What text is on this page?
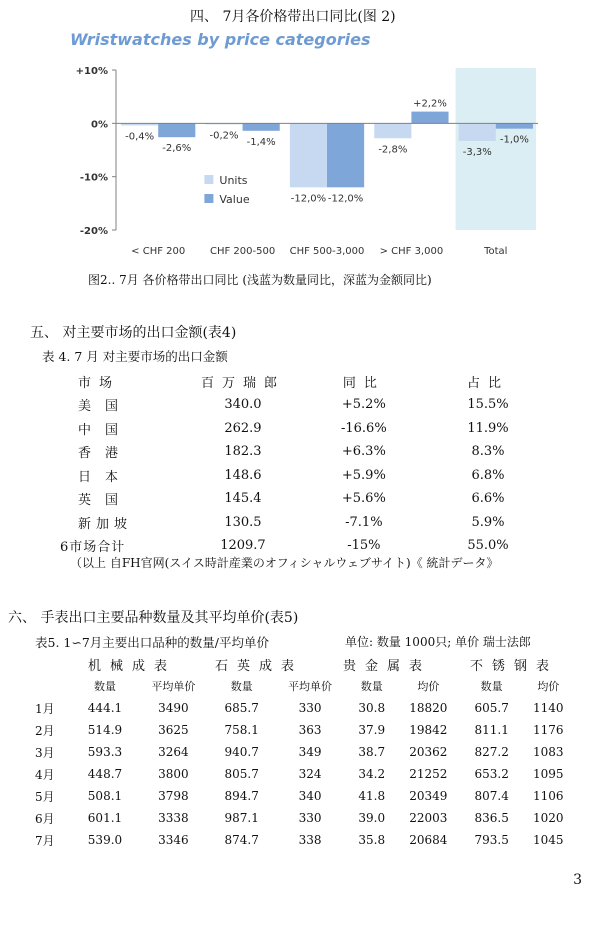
四、 7月各价格带出口同比(图 2)
Wristwatches by price categories
+10%
0%
-10%
-20%
-0,4%	-0,2%
-12,0%
-2,8%	-3,3%
-2,6%
-1,4%
-12,0%
+2,2%
-1,0%
< CHF 200 CHF 200-500 CHF 500-3,000 > CHF 3,000	Total
Units
Value
图2.. 7月 各价格带出口同比 (浅蓝为数量同比，深蓝为金额同比)
五、 对主要市场的出口金额(表4)
表 4. 7 月 对主要市场的出口金额
市场	百万瑞郎	同比	占比
美国	340.0	+5.2%	15.5%
中国	262.9	-16.6%	11.9%
香港	182.3	+6.3%	8.3%
日本	148.6	+5.9%	6.8%
英国	145.4	+5.6%	6.6%
新加坡	130.5	-7.1%	5.9%
6市场合计	1209.7	-15%	55.0%
（以上 自FH官网(スイス時計産業のオフィシャルウェブサイト)《 統計データ》
六、 手表出口主要品种数量及其平均单价(表5)
表5. 1∽7月主要出口品种的数量/平均单价	单位: 数量 1000只; 单价 瑞士法郎
机械成表	石英成表	贵金属表	不锈钢表
	数量	平均单价	数量	平均单价	数量	均价	数量	均价
1月	444.1	3490	685.7	330	30.8	18820	605.7	1140
2月	514.9	3625	758.1	363	37.9	19842	811.1	1176
3月	593.3	3264	940.7	349	38.7	20362	827.2	1083
4月	448.7	3800	805.7	324	34.2	21252	653.2	1095
5月	508.1	3798	894.7	340	41.8	20349	807.4	1106
6月	601.1	3338	987.1	330	39.0	22003	836.5	1020
7月	539.0	3346	874.7	338	35.8	20684	793.5	1045
3
